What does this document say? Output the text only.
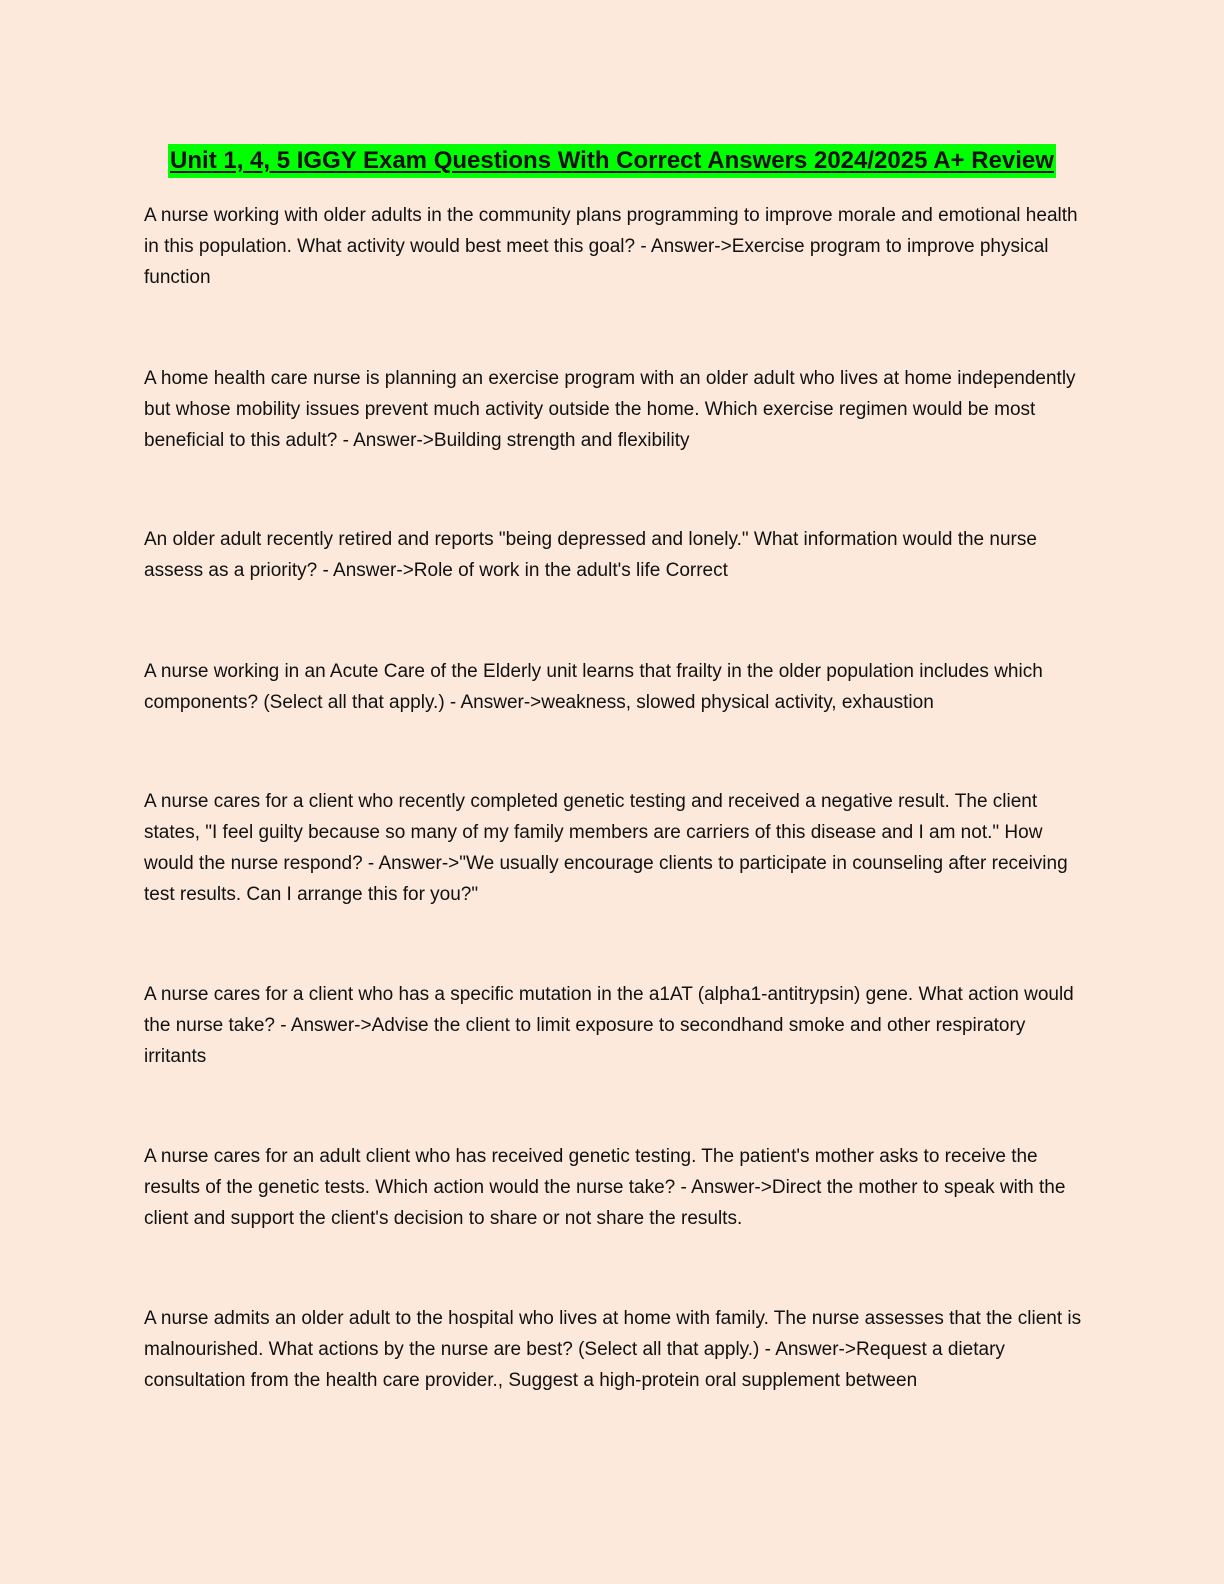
Unit 1, 4, 5 IGGY Exam Questions With Correct Answers 2024/2025 A+ Review

A nurse working with older adults in the community plans programming to improve morale and emotional health in this population. What activity would best meet this goal? - Answer->Exercise program to improve physical function

A home health care nurse is planning an exercise program with an older adult who lives at home independently but whose mobility issues prevent much activity outside the home. Which exercise regimen would be most beneficial to this adult? - Answer->Building strength and flexibility

An older adult recently retired and reports "being depressed and lonely." What information would the nurse assess as a priority? - Answer->Role of work in the adult's life Correct

A nurse working in an Acute Care of the Elderly unit learns that frailty in the older population includes which components? (Select all that apply.) - Answer->weakness, slowed physical activity, exhaustion

A nurse cares for a client who recently completed genetic testing and received a negative result. The client states, "I feel guilty because so many of my family members are carriers of this disease and I am not." How would the nurse respond? - Answer->"We usually encourage clients to participate in counseling after receiving test results. Can I arrange this for you?"

A nurse cares for a client who has a specific mutation in the a1AT (alpha1-antitrypsin) gene. What action would the nurse take? - Answer->Advise the client to limit exposure to secondhand smoke and other respiratory irritants

A nurse cares for an adult client who has received genetic testing. The patient's mother asks to receive the results of the genetic tests. Which action would the nurse take? - Answer->Direct the mother to speak with the client and support the client's decision to share or not share the results.

A nurse admits an older adult to the hospital who lives at home with family. The nurse assesses that the client is malnourished. What actions by the nurse are best? (Select all that apply.) - Answer->Request a dietary consultation from the health care provider., Suggest a high-protein oral supplement between
